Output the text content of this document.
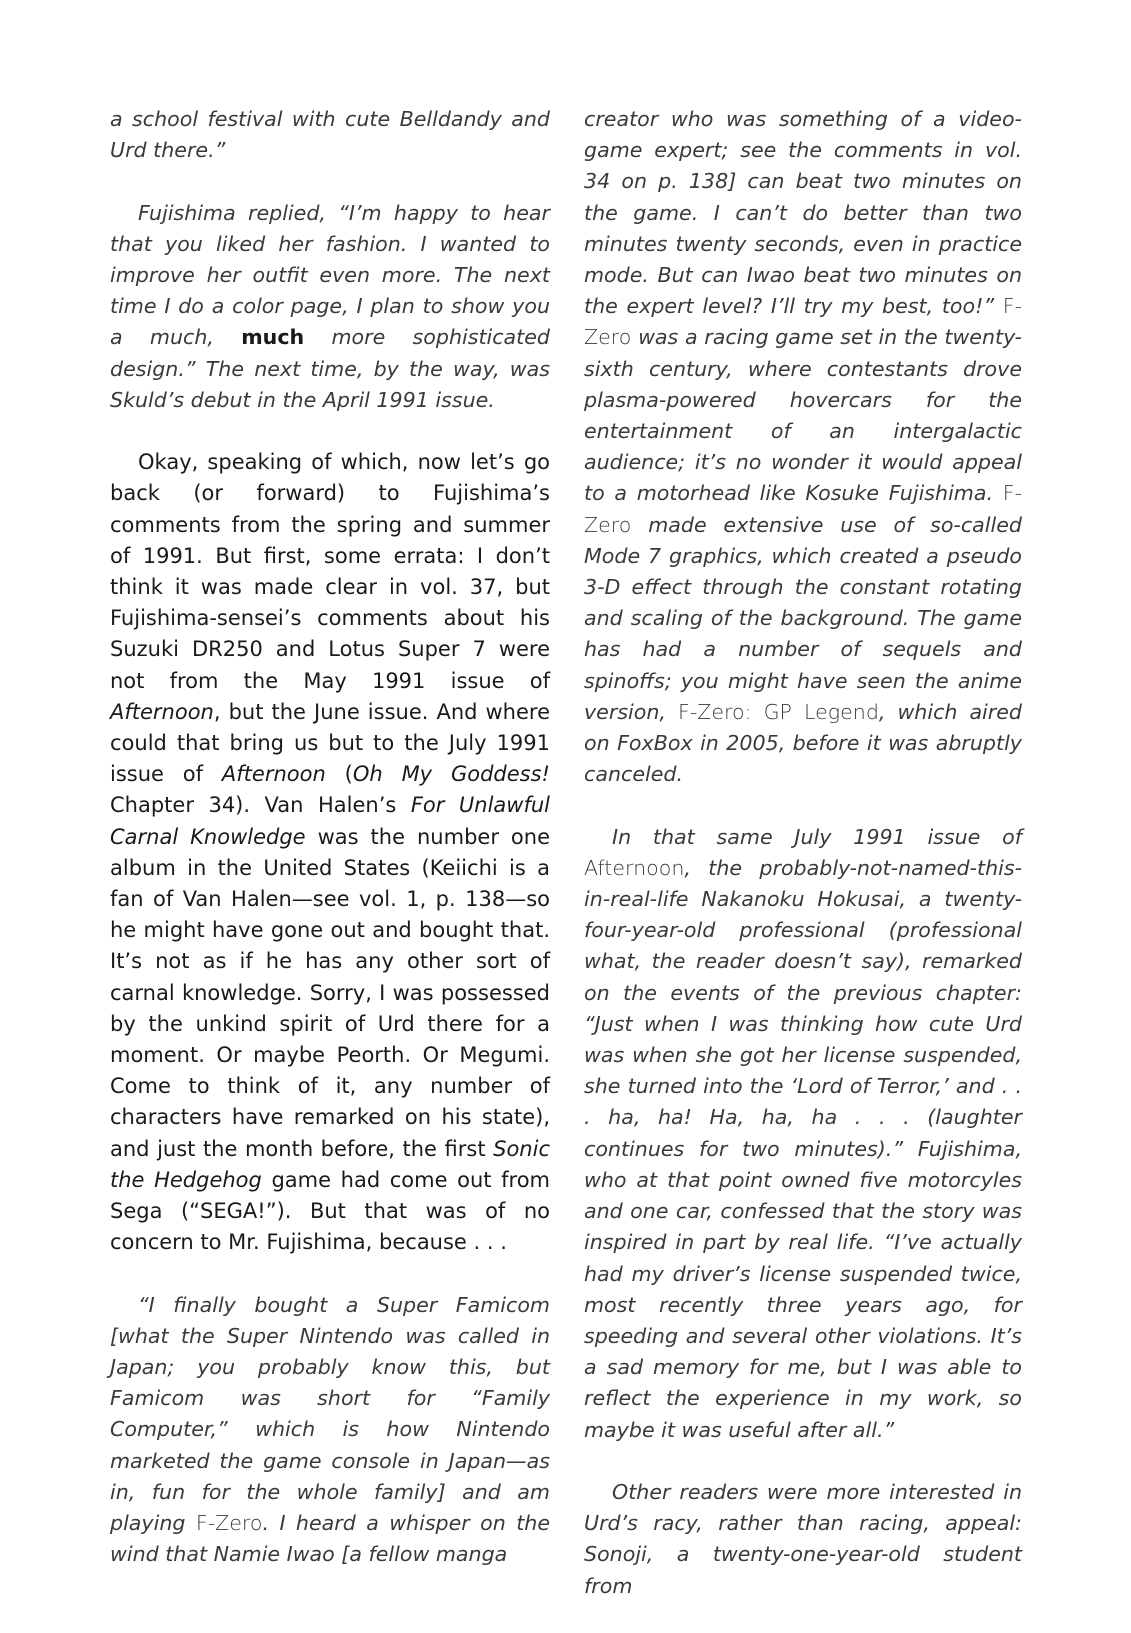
a school festival with cute Belldandy and Urd there.”

Fujishima replied, “I’m happy to hear that you liked her fashion. I wanted to improve her outfit even more. The next time I do a color page, I plan to show you a much, much more sophisticated design.” The next time, by the way, was Skuld’s debut in the April 1991 issue.

Okay, speaking of which, now let’s go back (or forward) to Fujishima’s comments from the spring and summer of 1991. But first, some errata: I don’t think it was made clear in vol. 37, but Fujishima-sensei’s comments about his Suzuki DR250 and Lotus Super 7 were not from the May 1991 issue of Afternoon, but the June issue. And where could that bring us but to the July 1991 issue of Afternoon (Oh My Goddess! Chapter 34). Van Halen’s For Unlawful Carnal Knowledge was the number one album in the United States (Keiichi is a fan of Van Halen—see vol. 1, p. 138—so he might have gone out and bought that. It’s not as if he has any other sort of carnal knowledge. Sorry, I was possessed by the unkind spirit of Urd there for a moment. Or maybe Peorth. Or Megumi. Come to think of it, any number of characters have remarked on his state), and just the month before, the first Sonic the Hedgehog game had come out from Sega (“SEGA!”). But that was of no concern to Mr. Fujishima, because . . .

“I finally bought a Super Famicom [what the Super Nintendo was called in Japan; you probably know this, but Famicom was short for “Family Computer,” which is how Nintendo marketed the game console in Japan—as in, fun for the whole family] and am playing F-Zero. I heard a whisper on the wind that Namie Iwao [a fellow manga

creator who was something of a video-game expert; see the comments in vol. 34 on p. 138] can beat two minutes on the game. I can’t do better than two minutes twenty seconds, even in practice mode. But can Iwao beat two minutes on the expert level? I’ll try my best, too!” F-Zero was a racing game set in the twenty-sixth century, where contestants drove plasma-powered hovercars for the entertainment of an intergalactic audience; it’s no wonder it would appeal to a motorhead like Kosuke Fujishima. F-Zero made extensive use of so-called Mode 7 graphics, which created a pseudo 3-D effect through the constant rotating and scaling of the background. The game has had a number of sequels and spinoffs; you might have seen the anime version, F-Zero: GP Legend, which aired on FoxBox in 2005, before it was abruptly canceled.

In that same July 1991 issue of Afternoon, the probably-not-named-this-in-real-life Nakanoku Hokusai, a twenty-four-year-old professional (professional what, the reader doesn’t say), remarked on the events of the previous chapter: “Just when I was thinking how cute Urd was when she got her license suspended, she turned into the ‘Lord of Terror,’ and . . . ha, ha! Ha, ha, ha . . . (laughter continues for two minutes).” Fujishima, who at that point owned five motorcyles and one car, confessed that the story was inspired in part by real life. “I’ve actually had my driver’s license suspended twice, most recently three years ago, for speeding and several other violations. It’s a sad memory for me, but I was able to reflect the experience in my work, so maybe it was useful after all.”

Other readers were more interested in Urd’s racy, rather than racing, appeal: Sonoji, a twenty-one-year-old student from
